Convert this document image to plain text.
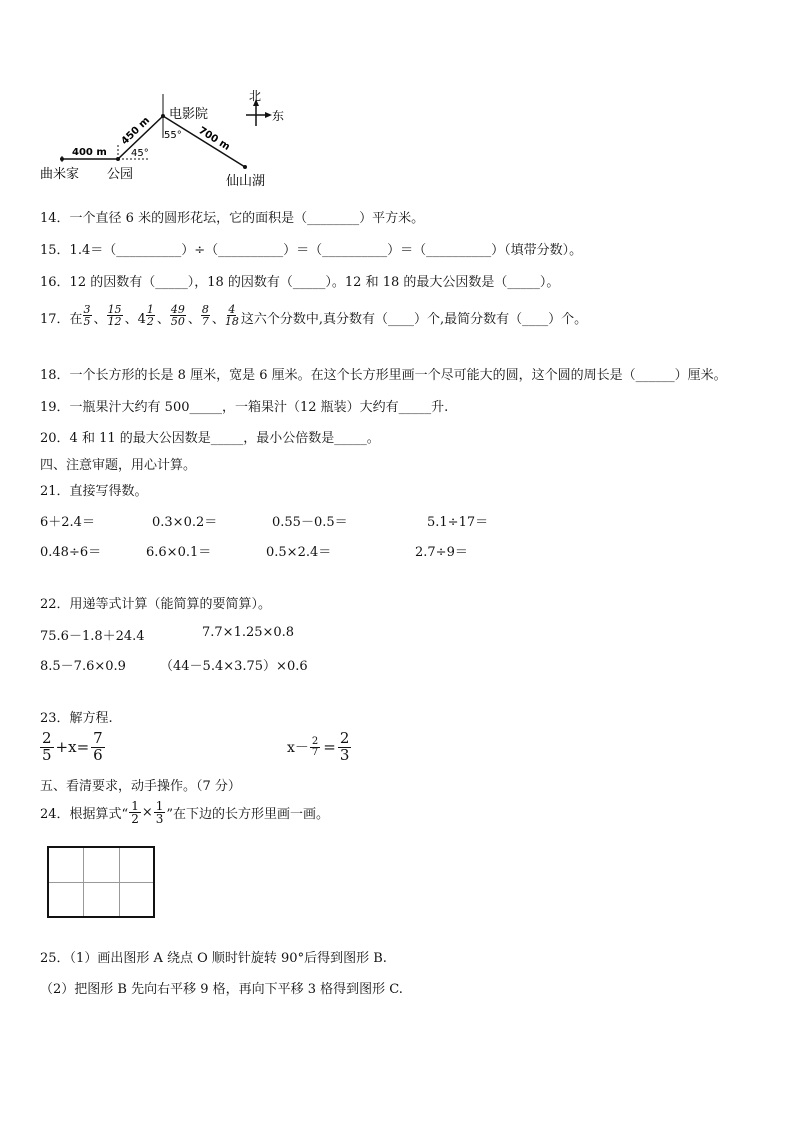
电影院
北
东
曲米家 公园	仙山湖
400 m
450 m	700 m
45°
55°
14．一个直径 6 米的圆形花坛，它的面积是（________）平方米。
15．1.4＝（__________）÷（__________）＝（__________）＝（__________）（填带分数）。
16．12 的因数有（_____），18 的因数有（_____）。12 和 18 的最大公因数是（_____）。
17．在
3
5 、
15
12 、 4
1
2 、
49
50 、
8
7 、
4
18 这六个分数中,真分数有（____）个,最简分数有（____）个。
18．一个长方形的长是 8 厘米，宽是 6 厘米。在这个长方形里画一个尽可能大的圆，这个圆的周长是（______）厘米。
19．一瓶果汁大约有 500_____，一箱果汁（12 瓶装）大约有_____升.
20．4 和 11 的最大公因数是_____，最小公倍数是_____。
四、注意审题，用心计算。
21．直接写得数。
6＋2.4＝	0.3×0.2＝	0.55－0.5＝	5.1÷17＝
0.48÷6＝	6.6×0.1＝	0.5×2.4＝	2.7÷9＝
22．用递等式计算（能简算的要简算）。
75.6－1.8＋24.4	7.7×1.25×0.8
8.5－7.6×0.9	（44－5.4×3.75）×0.6
23．解方程.
2
$5 +x= \frac{7}{6}$	$x- \frac{2}{7} = \frac{2}{3}$
五、看清要求，动手操作。（7 分）
24．根据算式“ $\frac{1}{2} \times \frac{1}{3}$ ”在下边的长方形里画一画。
25．（1）画出图形 A 绕点 O 顺时针旋转 90°后得到图形 B.
（2）把图形 B 先向右平移 9 格，再向下平移 3 格得到图形 C.
